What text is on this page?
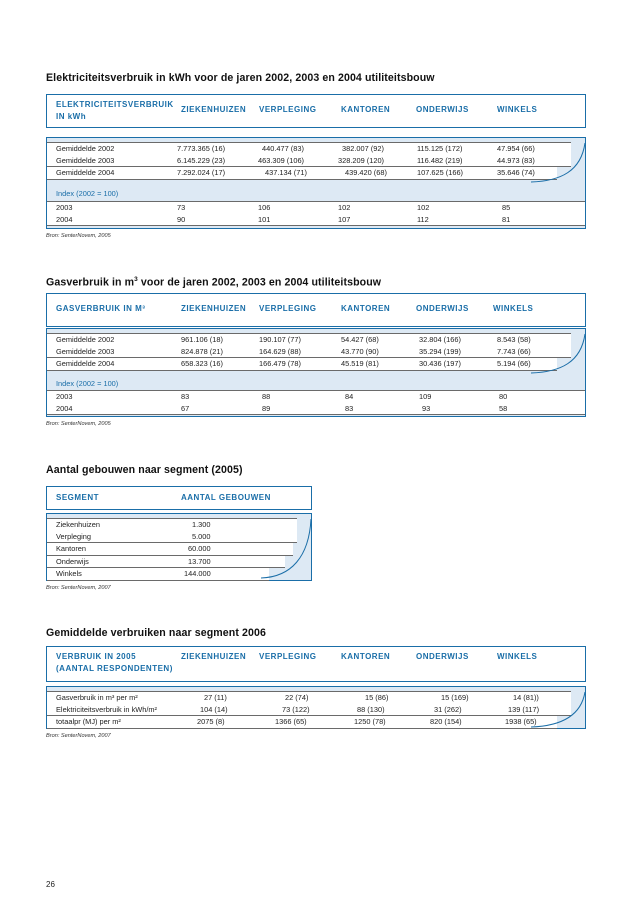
Elektriciteitsverbruik in kWh voor de jaren 2002, 2003 en 2004 utiliteitsbouw
ELEKTRICITEITSVERBRUIK
IN kWh
ZIEKENHUIZEN VERPLEGING	KANTOREN	ONDERWIJS	WINKELS
Gemiddelde 2002	7.773.365 (16)	440.477 (83)	382.007 (92)	115.125 (172)	47.954 (66)
Gemiddelde 2003	6.145.229 (23)	463.309 (106)	328.209 (120)	116.482 (219)	44.973 (83)
Gemiddelde 2004	7.292.024 (17)	437.134 (71)	439.420 (68)	107.625 (166)	35.646 (74)
Index (2002 = 100)
2003	73	106	102	102	85
2004	90	101	107	112	81
Bron: SenterNovem, 2005
Gasverbruik in $m^3$ voor de jaren 2002, 2003 en 2004 utiliteitsbouw
GASVERBRUIK IN M³	ZIEKENHUIZEN VERPLEGING	KANTOREN	ONDERWIJS	WINKELS
Gemiddelde 2002	961.106 (18)	190.107 (77)	54.427 (68)	32.804 (166)	8.543 (58)
Gemiddelde 2003	824.878 (21)	164.629 (88)	43.770 (90)	35.294 (199)	7.743 (66)
Gemiddelde 2004	658.323 (16)	166.479 (78)	45.519 (81)	30.436 (197)	5.194 (66)
Index (2002 = 100)
2003	83	88	84	109	80
2004	67	89	83	93	58
Bron: SenterNovem, 2005
Aantal gebouwen naar segment (2005)
SEGMENT	AANTAL GEBOUWEN
Ziekenhuizen	1.300
Verpleging	5.000
Kantoren	60.000
Onderwijs	13.700
Winkels	144.000
Bron: SenterNovem, 2007
Gemiddelde verbruiken naar segment 2006
VERBRUIK IN 2005
(AANTAL RESPONDENTEN)
ZIEKENHUIZEN VERPLEGING	KANTOREN	ONDERWIJS	WINKELS
Gasverbruik in m³ per m²	27 (11)	22 (74)	15 (86)	15 (169)	14 (81))
Elektriciteitsverbruik in kWh/m²	104 (14)	73 (122)	88 (130)	31 (262)	139 (117)
totaalpr (MJ) per m²	2075 (8)	1366 (65)	1250 (78)	820 (154)	1938 (65)
Bron: SenterNovem, 2007
26
